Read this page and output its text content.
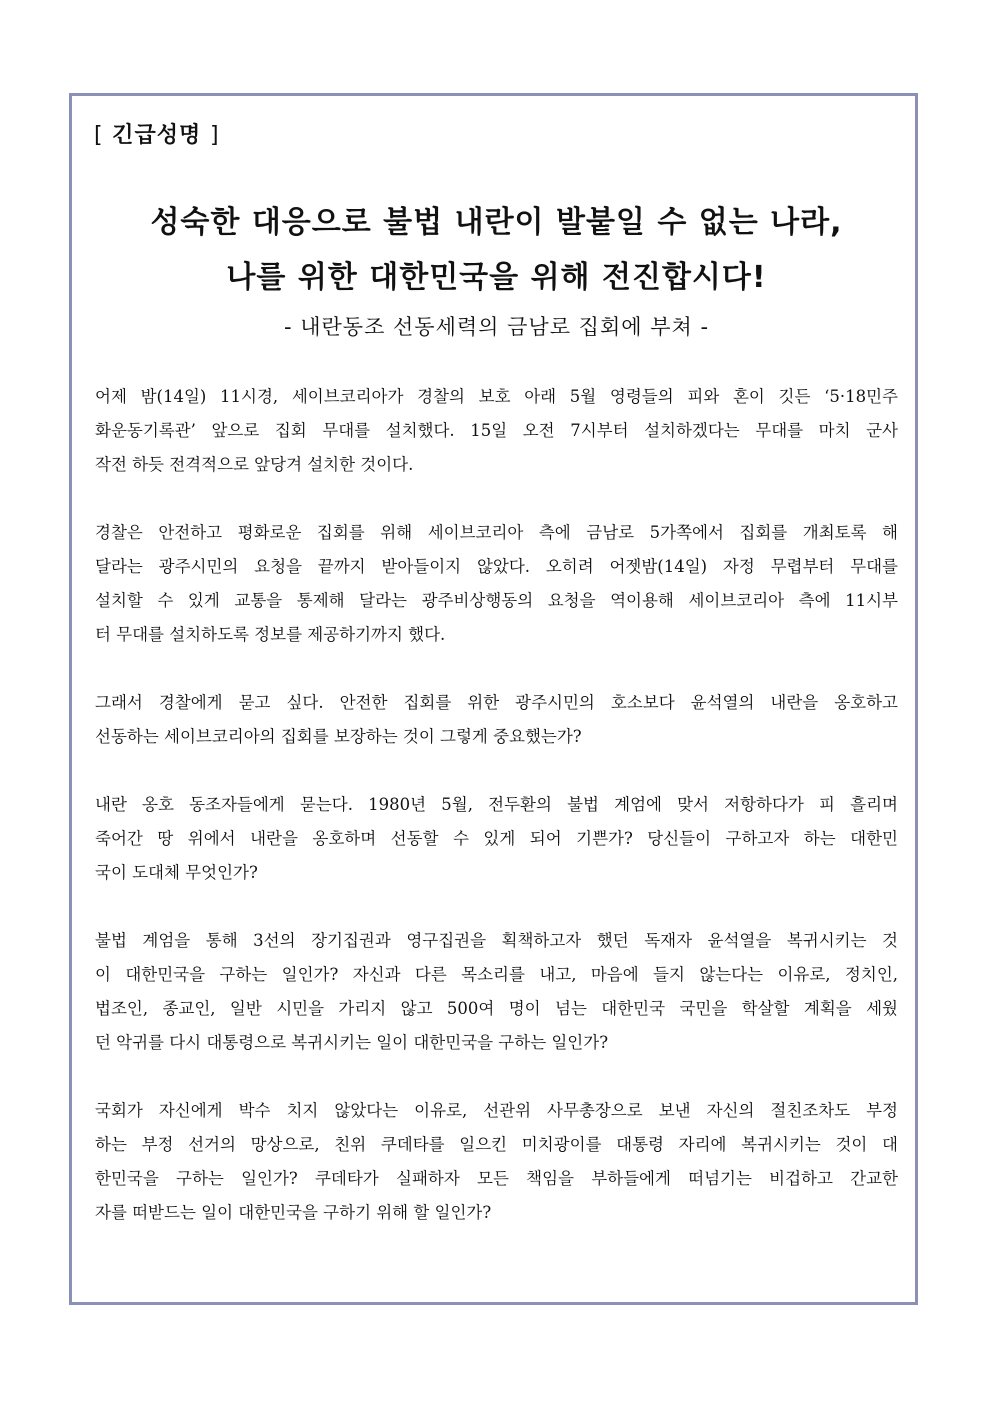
[ 긴급성명 ]
성숙한 대응으로 불법 내란이 발붙일 수 없는 나라,
나를 위한 대한민국을 위해 전진합시다!
- 내란동조 선동세력의 금남로 집회에 부쳐 -
어제 밤(14일) 11시경, 세이브코리아가 경찰의 보호 아래 5월 영령들의 피와 혼이 깃든 ‘5·18민주
화운동기록관’ 앞으로 집회 무대를 설치했다. 15일 오전 7시부터 설치하겠다는 무대를 마치 군사
작전 하듯 전격적으로 앞당겨 설치한 것이다.
경찰은 안전하고 평화로운 집회를 위해 세이브코리아 측에 금남로 5가쪽에서 집회를 개최토록 해
달라는 광주시민의 요청을 끝까지 받아들이지 않았다. 오히려 어젯밤(14일) 자정 무렵부터 무대를
설치할 수 있게 교통을 통제해 달라는 광주비상행동의 요청을 역이용해 세이브코리아 측에 11시부
터 무대를 설치하도록 정보를 제공하기까지 했다.
그래서 경찰에게 묻고 싶다. 안전한 집회를 위한 광주시민의 호소보다 윤석열의 내란을 옹호하고
선동하는 세이브코리아의 집회를 보장하는 것이 그렇게 중요했는가?
내란 옹호 동조자들에게 묻는다. 1980년 5월, 전두환의 불법 계엄에 맞서 저항하다가 피 흘리며
죽어간 땅 위에서 내란을 옹호하며 선동할 수 있게 되어 기쁜가? 당신들이 구하고자 하는 대한민
국이 도대체 무엇인가?
불법 계엄을 통해 3선의 장기집권과 영구집권을 획책하고자 했던 독재자 윤석열을 복귀시키는 것
이 대한민국을 구하는 일인가? 자신과 다른 목소리를 내고, 마음에 들지 않는다는 이유로, 정치인,
법조인, 종교인, 일반 시민을 가리지 않고 500여 명이 넘는 대한민국 국민을 학살할 계획을 세웠
던 악귀를 다시 대통령으로 복귀시키는 일이 대한민국을 구하는 일인가?
국회가 자신에게 박수 치지 않았다는 이유로, 선관위 사무총장으로 보낸 자신의 절친조차도 부정
하는 부정 선거의 망상으로, 친위 쿠데타를 일으킨 미치광이를 대통령 자리에 복귀시키는 것이 대
한민국을 구하는 일인가? 쿠데타가 실패하자 모든 책임을 부하들에게 떠넘기는 비겁하고 간교한
자를 떠받드는 일이 대한민국을 구하기 위해 할 일인가?
